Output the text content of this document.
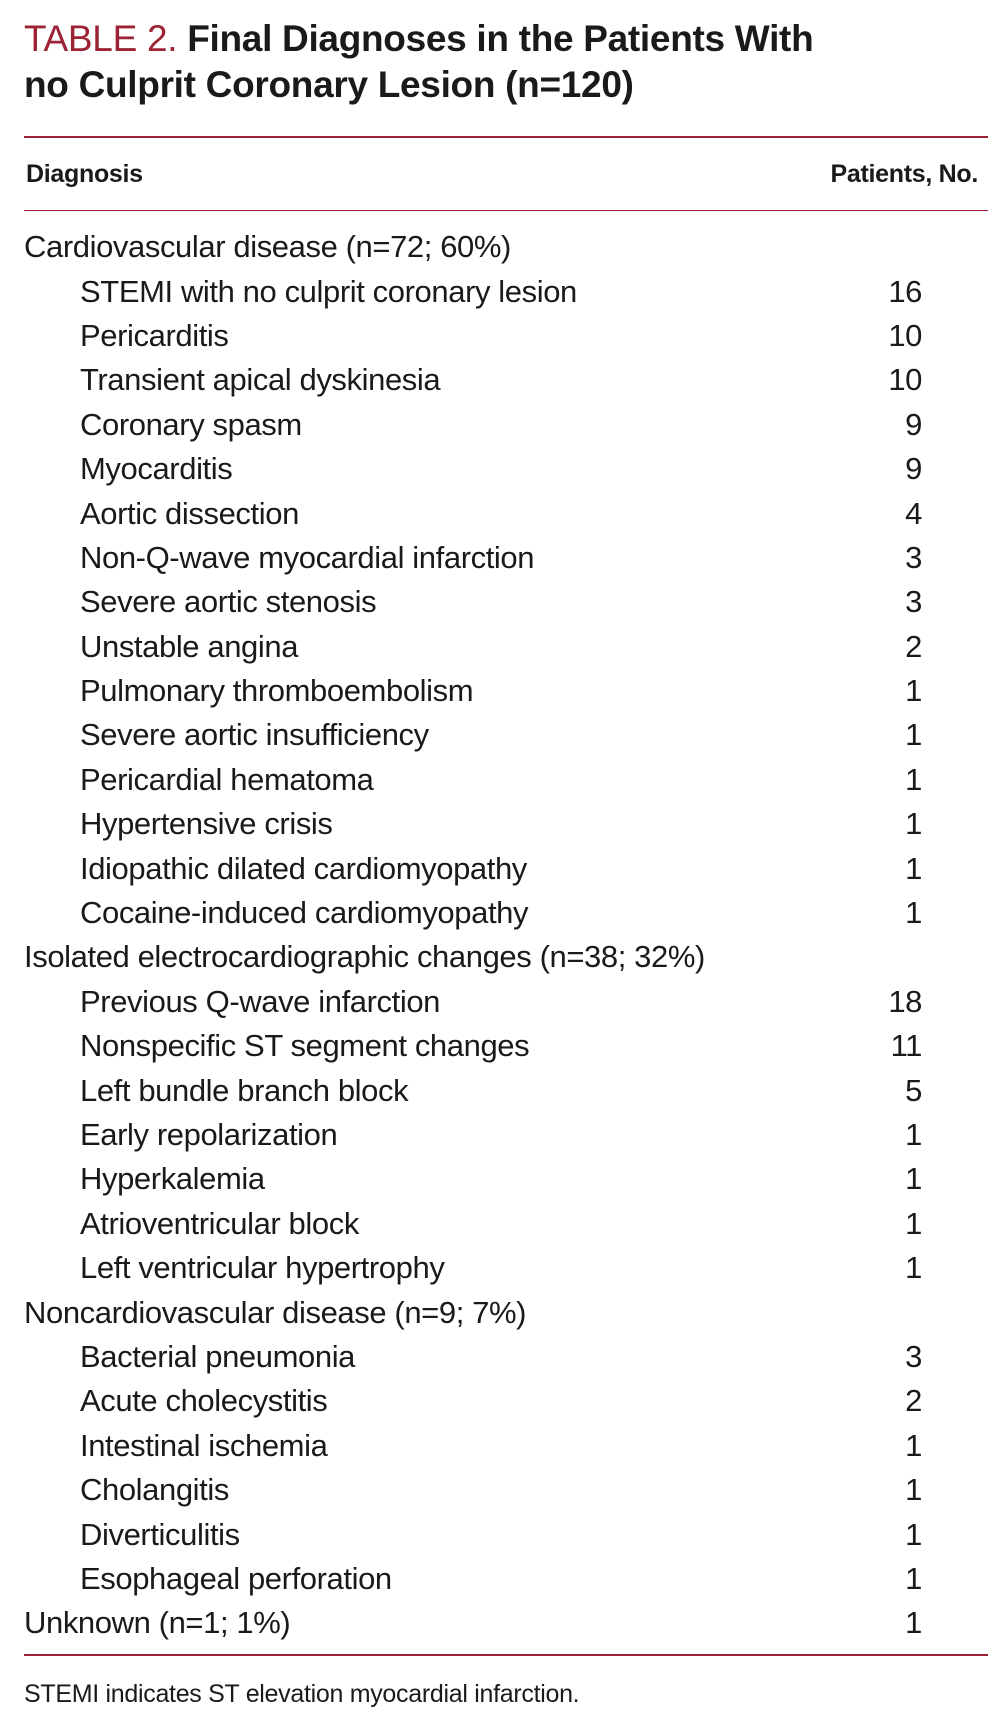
TABLE 2. Final Diagnoses in the Patients With
no Culprit Coronary Lesion (n=120)
Diagnosis	Patients, No.
Cardiovascular disease (n=72; 60%)
STEMI with no culprit coronary lesion	16
Pericarditis	10
Transient apical dyskinesia	10
Coronary spasm	9
Myocarditis	9
Aortic dissection	4
Non-Q-wave myocardial infarction	3
Severe aortic stenosis	3
Unstable angina	2
Pulmonary thromboembolism	1
Severe aortic insufficiency	1
Pericardial hematoma	1
Hypertensive crisis	1
Idiopathic dilated cardiomyopathy	1
Cocaine-induced cardiomyopathy	1
Isolated electrocardiographic changes (n=38; 32%)
Previous Q-wave infarction	18
Nonspecific ST segment changes	11
Left bundle branch block	5
Early repolarization	1
Hyperkalemia	1
Atrioventricular block	1
Left ventricular hypertrophy	1
Noncardiovascular disease (n=9; 7%)
Bacterial pneumonia	3
Acute cholecystitis	2
Intestinal ischemia	1
Cholangitis	1
Diverticulitis	1
Esophageal perforation	1
Unknown (n=1; 1%)	1
STEMI indicates ST elevation myocardial infarction.
